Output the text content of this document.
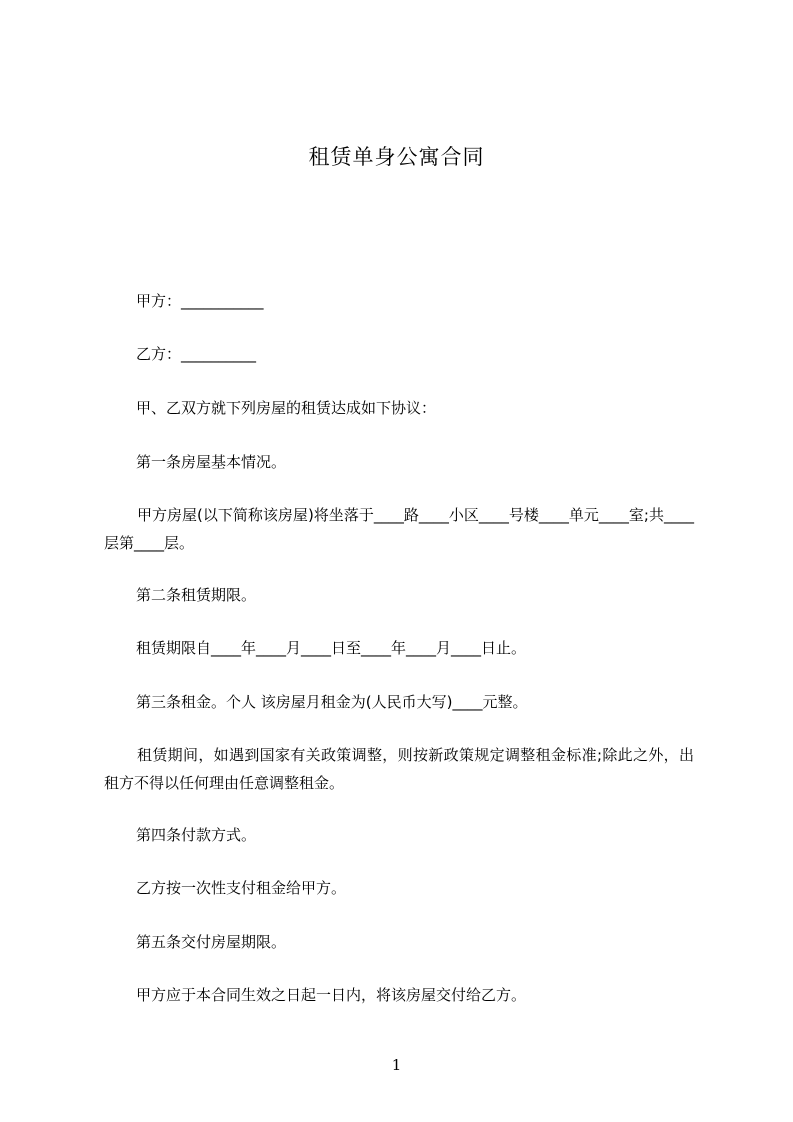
租赁单身公寓合同
甲方：___________
乙方：__________
甲、乙双方就下列房屋的租赁达成如下协议：
第一条房屋基本情况。
甲方房屋(以下简称该房屋)将坐落于____路____小区____号楼____单元____室;共____层第____层。
第二条租赁期限。
租赁期限自____年____月____日至____年____月____日止。
第三条租金。个人 该房屋月租金为(人民币大写)____元整。
租赁期间，如遇到国家有关政策调整，则按新政策规定调整租金标准;除此之外，出租方不得以任何理由任意调整租金。
第四条付款方式。
乙方按一次性支付租金给甲方。
第五条交付房屋期限。
甲方应于本合同生效之日起一日内，将该房屋交付给乙方。
1
